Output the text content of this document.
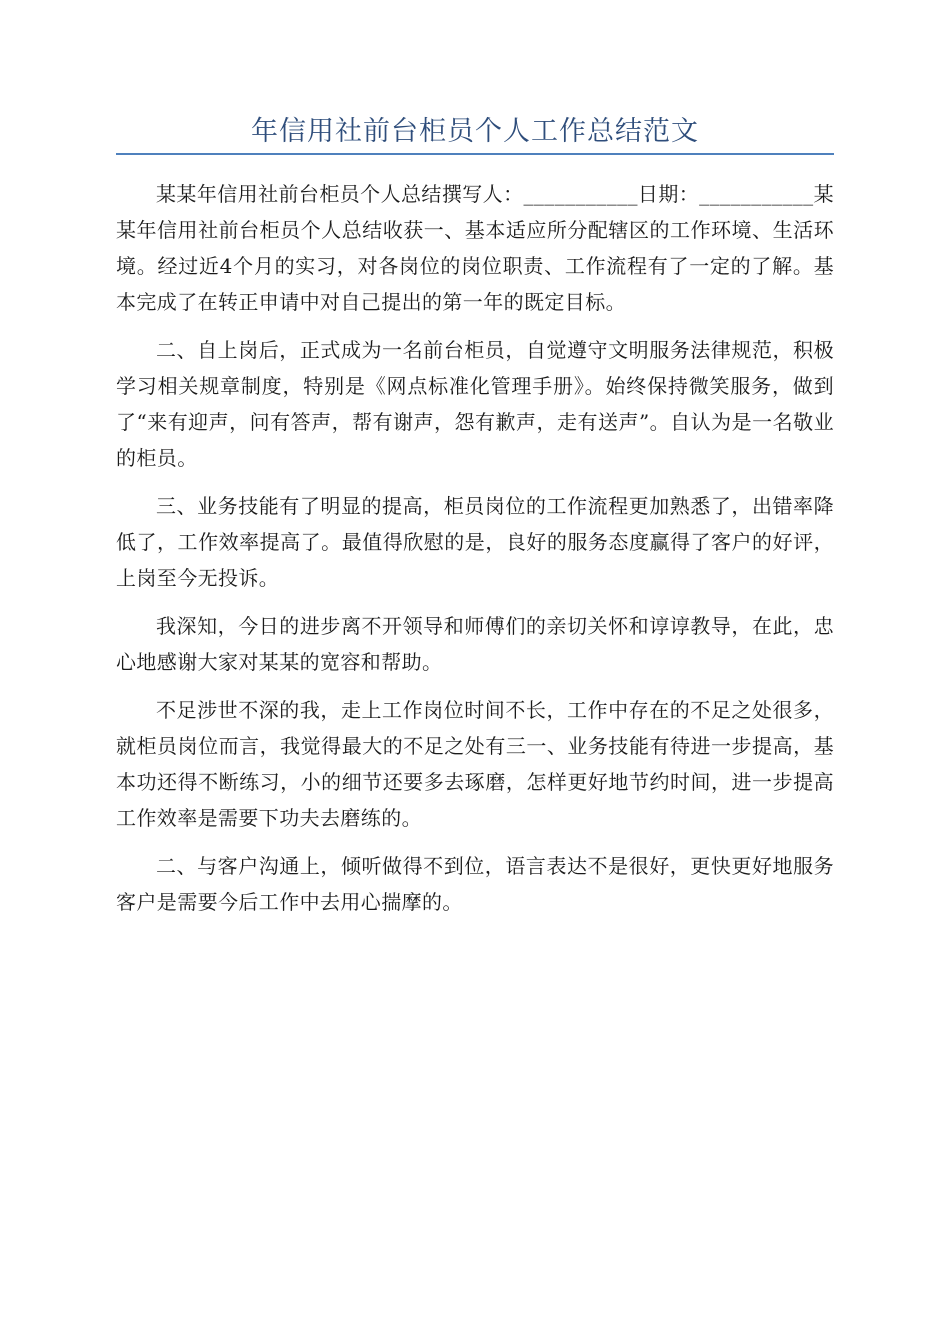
年信用社前台柜员个人工作总结范文

某某年信用社前台柜员个人总结撰写人：___________日期：___________某某年信用社前台柜员个人总结收获一、基本适应所分配辖区的工作环境、生活环境。经过近4个月的实习，对各岗位的岗位职责、工作流程有了一定的了解。基本完成了在转正申请中对自己提出的第一年的既定目标。

二、自上岗后，正式成为一名前台柜员，自觉遵守文明服务法律规范，积极学习相关规章制度，特别是《网点标准化管理手册》。始终保持微笑服务，做到了“来有迎声，问有答声，帮有谢声，怨有歉声，走有送声”。自认为是一名敬业的柜员。

三、业务技能有了明显的提高，柜员岗位的工作流程更加熟悉了，出错率降低了，工作效率提高了。最值得欣慰的是，良好的服务态度赢得了客户的好评，上岗至今无投诉。

我深知，今日的进步离不开领导和师傅们的亲切关怀和谆谆教导，在此，忠心地感谢大家对某某的宽容和帮助。

不足涉世不深的我，走上工作岗位时间不长，工作中存在的不足之处很多，就柜员岗位而言，我觉得最大的不足之处有三一、业务技能有待进一步提高，基本功还得不断练习，小的细节还要多去琢磨，怎样更好地节约时间，进一步提高工作效率是需要下功夫去磨练的。

二、与客户沟通上，倾听做得不到位，语言表达不是很好，更快更好地服务客户是需要今后工作中去用心揣摩的。
